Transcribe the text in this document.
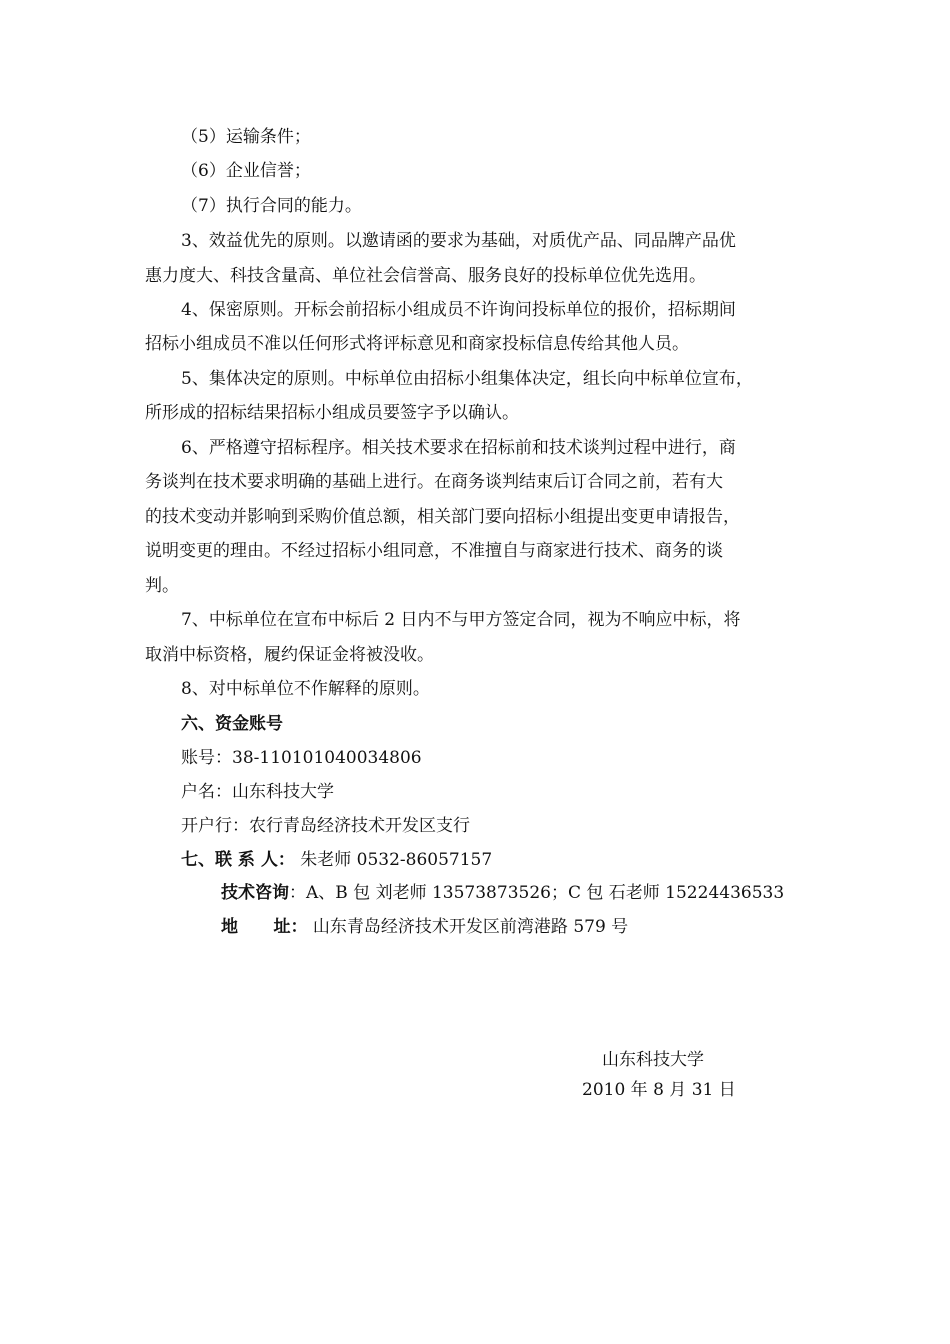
（5）运输条件；
（6）企业信誉；
（7）执行合同的能力。
3、效益优先的原则。以邀请函的要求为基础，对质优产品、同品牌产品优
惠力度大、科技含量高、单位社会信誉高、服务良好的投标单位优先选用。
4、保密原则。开标会前招标小组成员不许询问投标单位的报价，招标期间
招标小组成员不准以任何形式将评标意见和商家投标信息传给其他人员。
5、集体决定的原则。中标单位由招标小组集体决定，组长向中标单位宣布，
所形成的招标结果招标小组成员要签字予以确认。
6、严格遵守招标程序。相关技术要求在招标前和技术谈判过程中进行，商
务谈判在技术要求明确的基础上进行。在商务谈判结束后订合同之前，若有大
的技术变动并影响到采购价值总额，相关部门要向招标小组提出变更申请报告，
说明变更的理由。不经过招标小组同意，不准擅自与商家进行技术、商务的谈
判。
7、中标单位在宣布中标后 2 日内不与甲方签定合同，视为不响应中标，将
取消中标资格，履约保证金将被没收。
8、对中标单位不作解释的原则。
六、资金账号
账号：38-110101040034806
户名：山东科技大学
开户行：农行青岛经济技术开发区支行
七、联 系 人： 朱老师 0532-86057157
技术咨询：A、B 包 刘老师 13573873526；C 包 石老师 15224436533
地      址： 山东青岛经济技术开发区前湾港路 579 号
山东科技大学
2010 年 8 月 31 日
